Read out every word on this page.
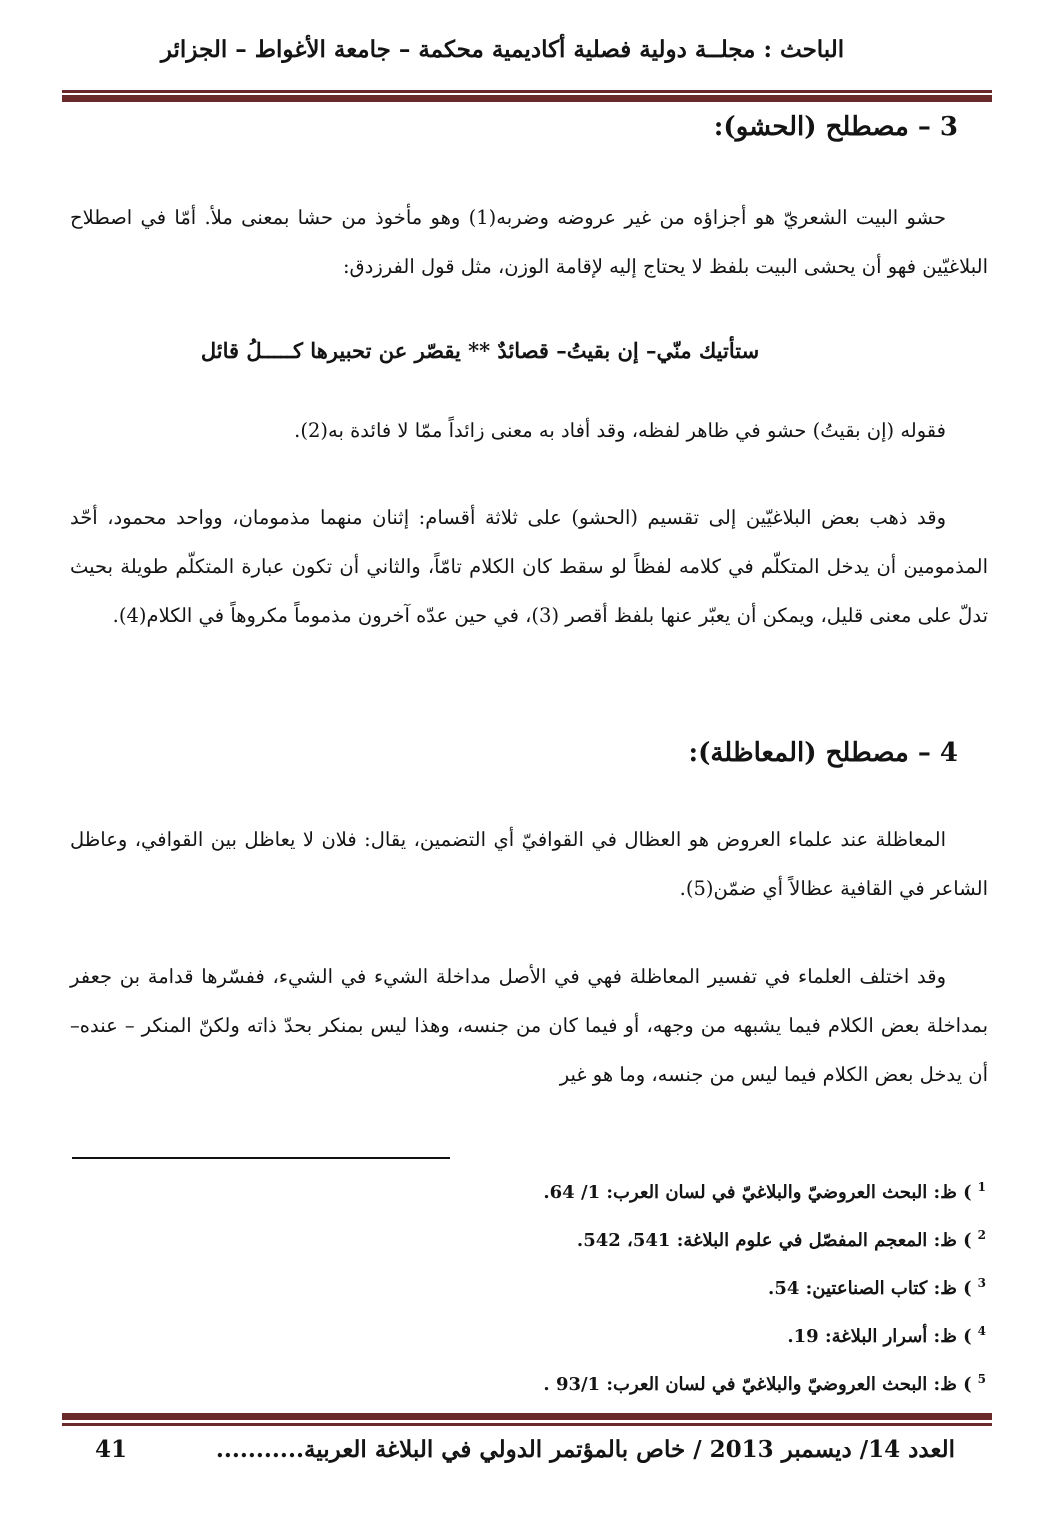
الباحث : مجلــة دولية فصلية أكاديمية محكمة – جامعة الأغواط – الجزائر
3 – مصطلح (الحشو):
حشو البيت الشعريّ هو أجزاؤه من غير عروضه وضربه(1) وهو مأخوذ من حشا بمعنى ملأ. أمّا في اصطلاح البلاغيّين فهو أن يحشى البيت بلفظ لا يحتاج إليه لإقامة الوزن، مثل قول الفرزدق:
ستأتيك منّي– إن بقيتُ– قصائدٌ ** يقصّر عن تحبيرها كـــــلُ قائل
فقوله (إن بقيتُ) حشو في ظاهر لفظه، وقد أفاد به معنى زائداً ممّا لا فائدة به(2).
وقد ذهب بعض البلاغيّين إلى تقسيم (الحشو) على ثلاثة أقسام: إثنان منهما مذمومان، وواحد محمود، أحّد المذمومين أن يدخل المتكلّم في كلامه لفظاً لو سقط كان الكلام تامّاً، والثاني أن تكون عبارة المتكلّم طويلة بحيث تدلّ على معنى قليل، ويمكن أن يعبّر عنها بلفظ أقصر (3)، في حين عدّه آخرون مذموماً مكروهاً في الكلام(4).
4 – مصطلح (المعاظلة):
المعاظلة عند علماء العروض هو العظال في القوافيّ أي التضمين، يقال: فلان لا يعاظل بين القوافي، وعاظل الشاعر في القافية عظالاً أي ضمّن(5).
وقد اختلف العلماء في تفسير المعاظلة فهي في الأصل مداخلة الشيء في الشيء، ففسّرها قدامة بن جعفر بمداخلة بعض الكلام فيما يشبهه من وجهه، أو فيما كان من جنسه، وهذا ليس بمنكر بحدّ ذاته ولكنّ المنكر – عنده– أن يدخل بعض الكلام فيما ليس من جنسه، وما هو غير
$^1$) ظ: البحث العروضيّ والبلاغيّ في لسان العرب: 1/ 64.
$^2$) ظ: المعجم المفصّل في علوم البلاغة: 541، 542.
$^3$) ظ: كتاب الصناعتين: 54.
$^4$) ظ: أسرار البلاغة: 19.
$^5$) ظ: البحث العروضيّ والبلاغيّ في لسان العرب: 93/1 .
العدد 14/ ديسمبر 2013 / خاص بالمؤتمر الدولي في البلاغة العربية...........
41
